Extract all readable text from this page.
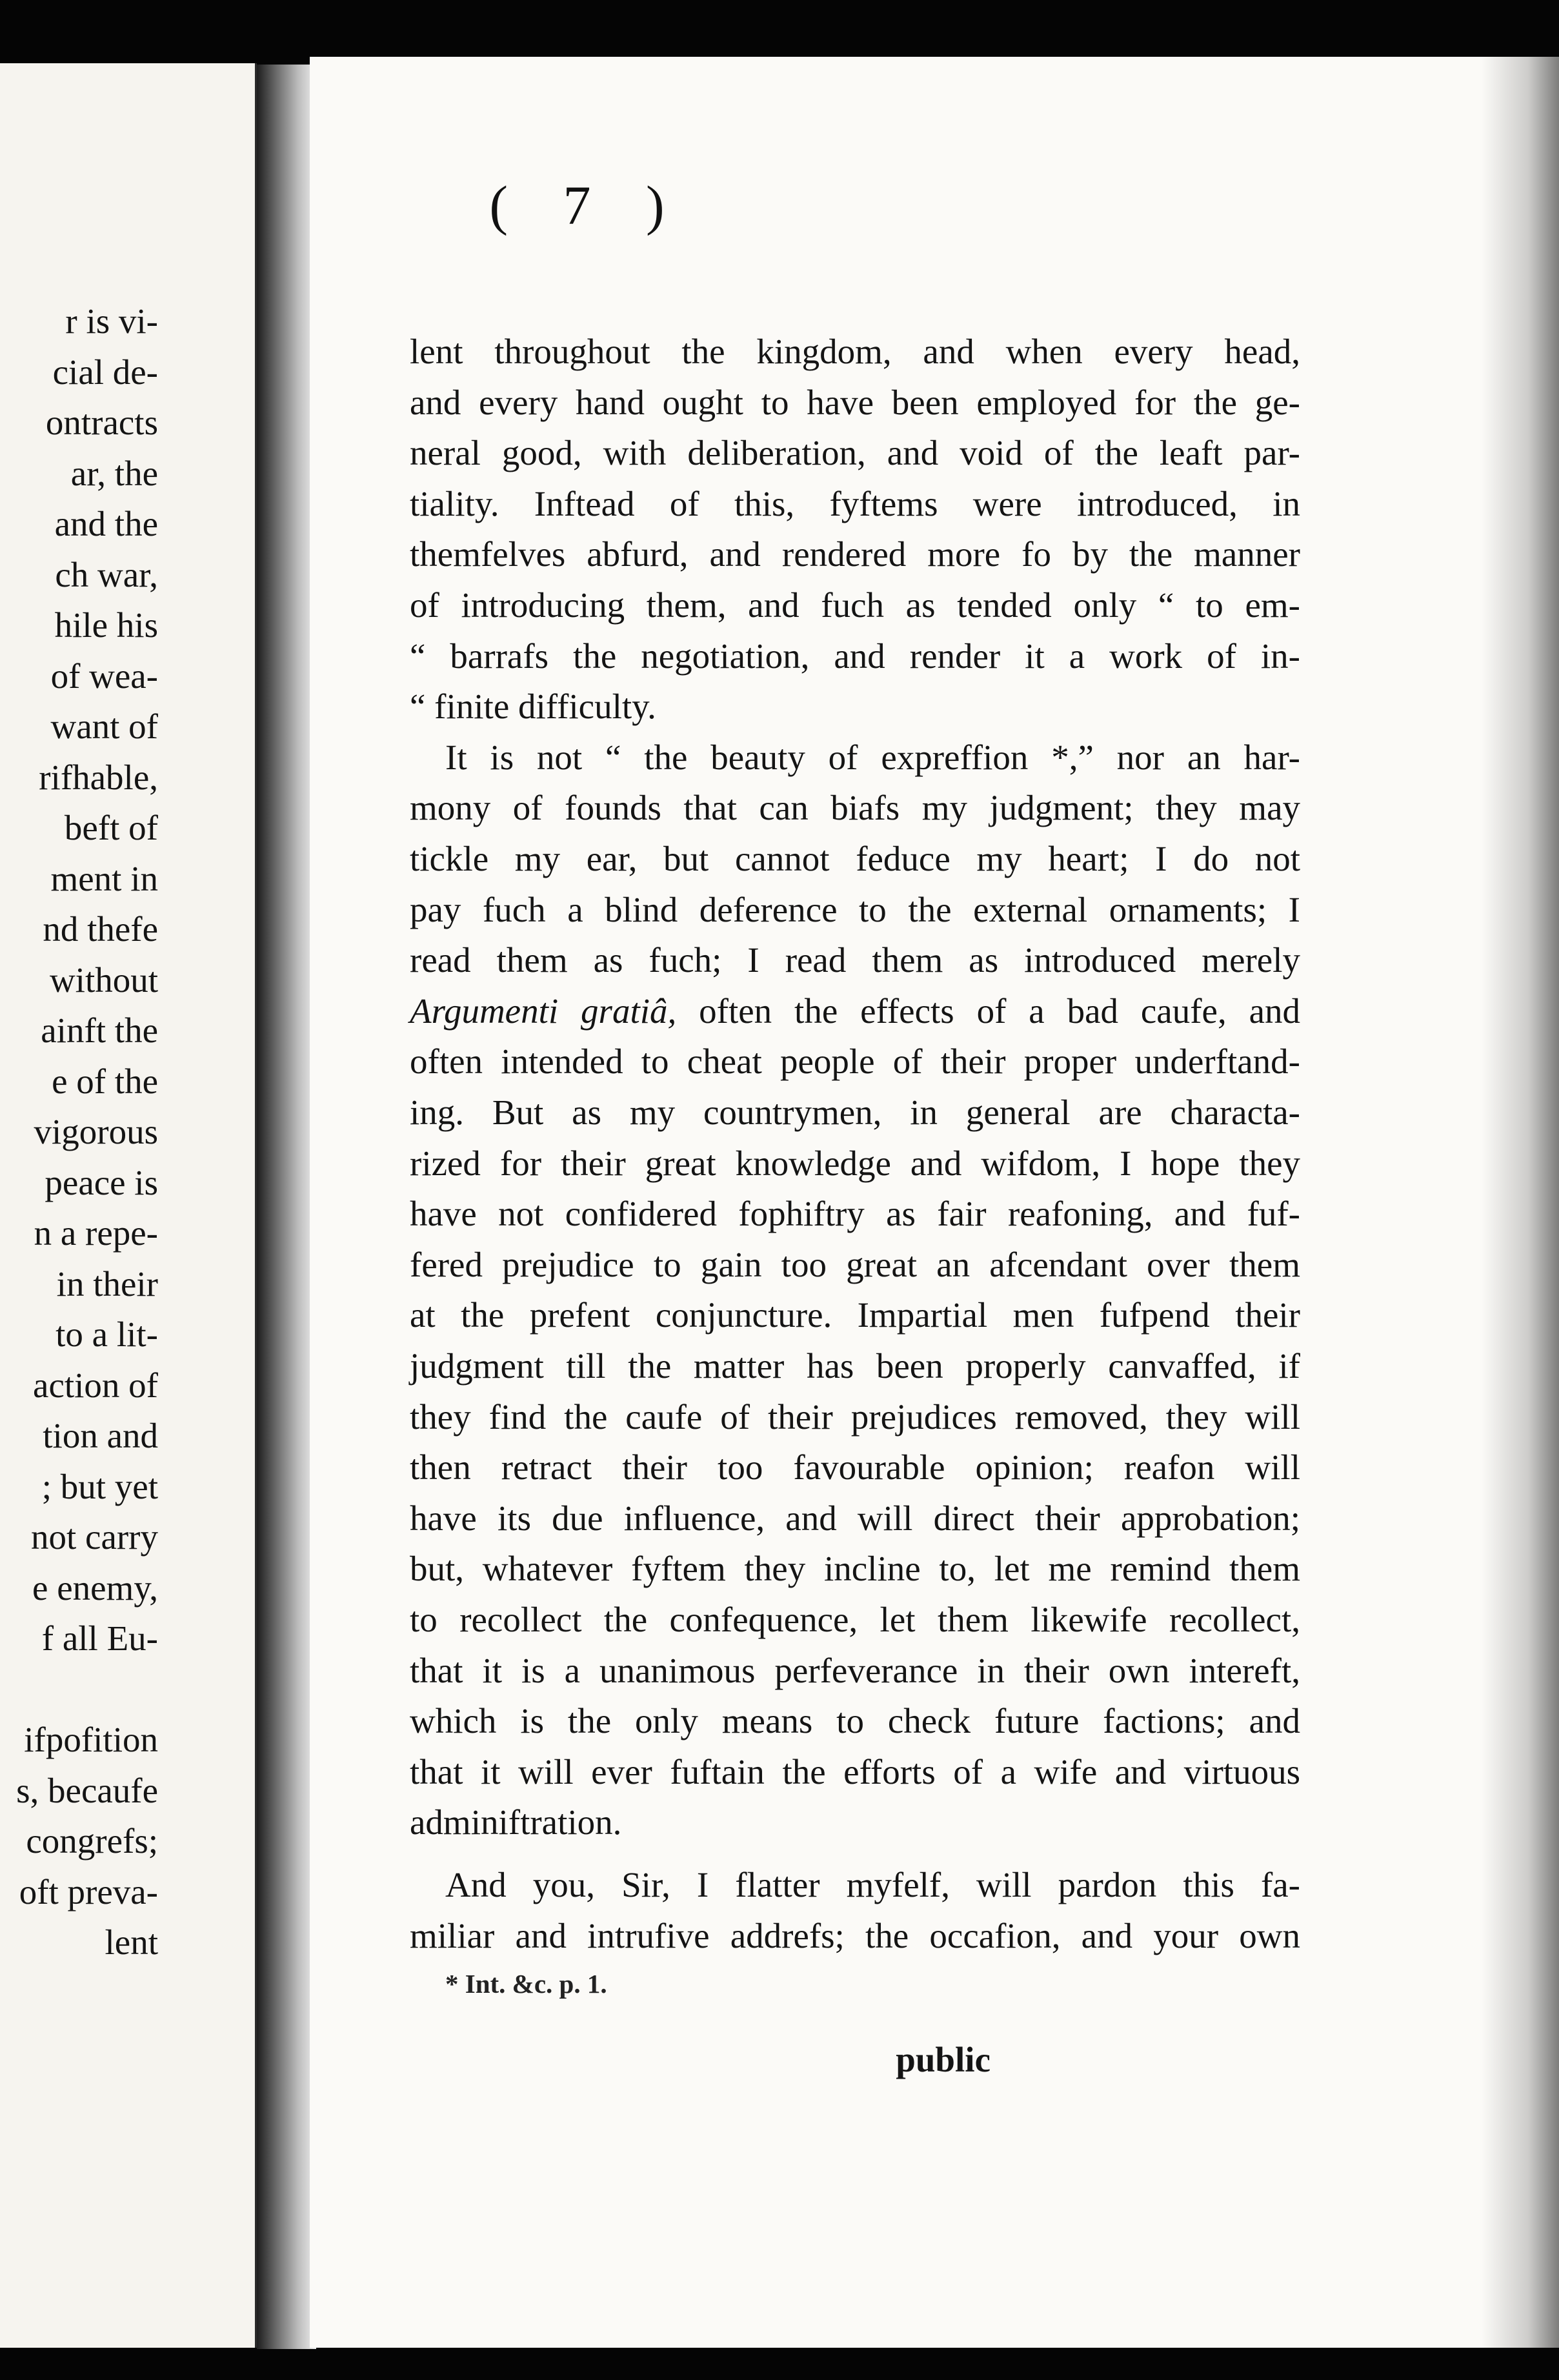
r is vi-
cial de-
ontracts
ar, the
and the
ch war,
hile his
of wea-
want of
rifhable,
beft of
ment in
nd thefe
without
ainft the
e of the
vigorous
peace is
n a repe-
in their
to a lit-
action of
tion and
; but yet
not carry
e enemy,
f all Eu-
ifpofition
s, becaufe
congrefs;
oft preva-
lent
lent throughout the kingdom, and when every head,
and every hand ought to have been employed for the ge-
neral good, with deliberation, and void of the leaft par-
tiality. Inftead of this, fyftems were introduced, in
themfelves abfurd, and rendered more fo by the manner
of introducing them, and fuch as tended only “ to em-
“ barrafs the negotiation, and render it a work of in-
“ finite difficulty.
It is not “ the beauty of expreffion *,” nor an har-
mony of founds that can biafs my judgment; they may
tickle my ear, but cannot feduce my heart; I do not
pay fuch a blind deference to the external ornaments; I
read them as fuch; I read them as introduced merely
Argumenti gratiâ, often the effects of a bad caufe, and
often intended to cheat people of their proper underftand-
ing. But as my countrymen, in general are characta-
rized for their great knowledge and wifdom, I hope they
have not confidered fophiftry as fair reafoning, and fuf-
fered prejudice to gain too great an afcendant over them
at the prefent conjuncture. Impartial men fufpend their
judgment till the matter has been properly canvaffed, if
they find the caufe of their prejudices removed, they will
then retract their too favourable opinion; reafon will
have its due influence, and will direct their approbation;
but, whatever fyftem they incline to, let me remind them
to recollect the confequence, let them likewife recollect,
that it is a unanimous perfeverance in their own intereft,
which is the only means to check future factions; and
that it will ever fuftain the efforts of a wife and virtuous
adminiftration.
And you, Sir, I flatter myfelf, will pardon this fa-
miliar and intrufive addrefs; the occafion, and your own
( 7 )
* Int. &c. p. 1.
public
